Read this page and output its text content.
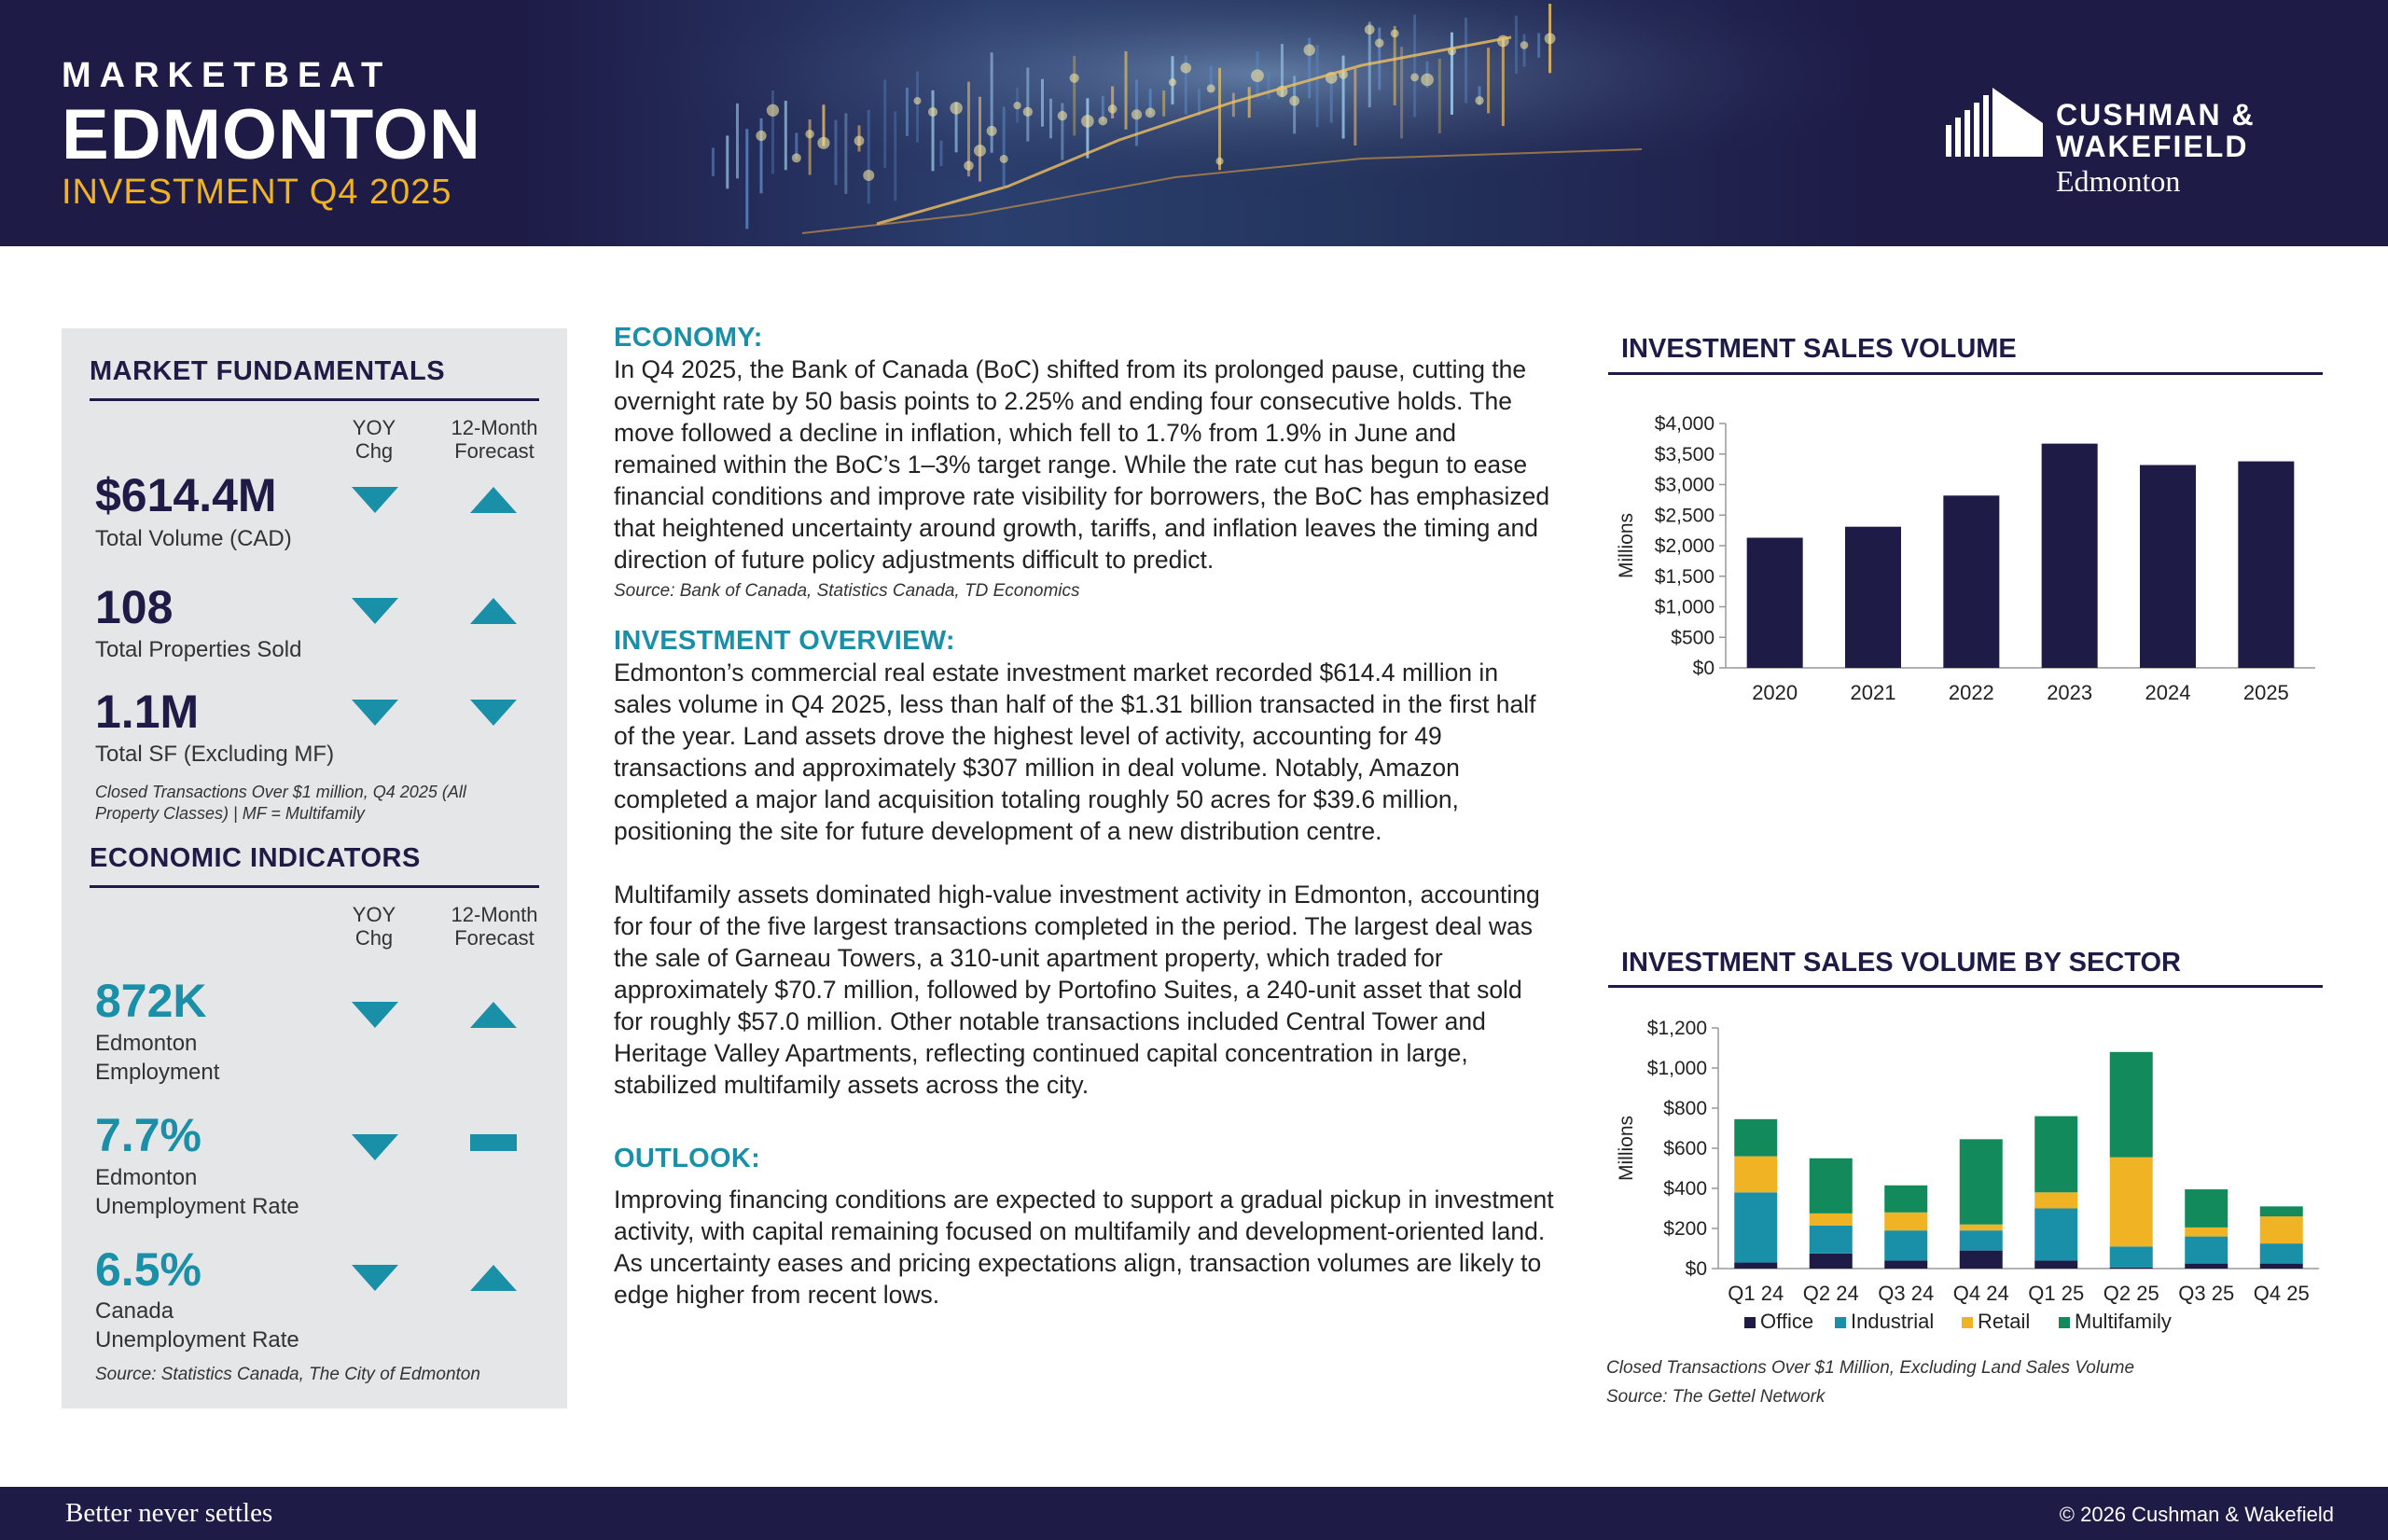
MARKETBEAT
EDMONTON
INVESTMENT Q4 2025
CUSHMAN &
WAKEFIELD
Edmonton
MARKET FUNDAMENTALS
YOY
Chg
12-Month
Forecast
$614.4M
Total Volume (CAD)
108
Total Properties Sold
1.1M
Total SF (Excluding MF)
Closed Transactions Over $1 million, Q4 2025 (All
Property Classes) | MF = Multifamily
ECONOMIC INDICATORS
YOY
Chg
12-Month
Forecast
872K
Edmonton
Employment
7.7%
Edmonton
Unemployment Rate
6.5%
Canada
Unemployment Rate
Source: Statistics Canada, The City of Edmonton
ECONOMY:
In Q4 2025, the Bank of Canada (BoC) shifted from its prolonged pause, cutting the overnight rate by 50 basis points to 2.25% and ending four consecutive holds. The move followed a decline in inflation, which fell to 1.7% from 1.9% in June and remained within the BoC’s 1–3% target range. While the rate cut has begun to ease financial conditions and improve rate visibility for borrowers, the BoC has emphasized that heightened uncertainty around growth, tariffs, and inflation leaves the timing and direction of future policy adjustments difficult to predict.
Source: Bank of Canada, Statistics Canada, TD Economics
INVESTMENT OVERVIEW:
Edmonton’s commercial real estate investment market recorded $614.4 million in sales volume in Q4 2025, less than half of the $1.31 billion transacted in the first half of the year. Land assets drove the highest level of activity, accounting for 49 transactions and approximately $307 million in deal volume. Notably, Amazon completed a major land acquisition totaling roughly 50 acres for $39.6 million, positioning the site for future development of a new distribution centre.
Multifamily assets dominated high-value investment activity in Edmonton, accounting for four of the five largest transactions completed in the period. The largest deal was the sale of Garneau Towers, a 310-unit apartment property, which traded for approximately $70.7 million, followed by Portofino Suites, a 240-unit asset that sold for roughly $57.0 million. Other notable transactions included Central Tower and Heritage Valley Apartments, reflecting continued capital concentration in large, stabilized multifamily assets across the city.
OUTLOOK:
Improving financing conditions are expected to support a gradual pickup in investment activity, with capital remaining focused on multifamily and development-oriented land. As uncertainty eases and pricing expectations align, transaction volumes are likely to edge higher from recent lows.
INVESTMENT SALES VOLUME
$0
$500
$1,000
$1,500
$2,000
$2,500
$3,000
$3,500
$4,000
2020	2021	2022	2023	2024	2025
Millions
INVESTMENT SALES VOLUME BY SECTOR
$0
$200
$400
$600
$800
$1,000
$1,200
Q1 24 Q2 24 Q3 24 Q4 24 Q1 25 Q2 25 Q3 25 Q4 25
Millions
Office Industrial Retail Multifamily
Closed Transactions Over $1 Million, Excluding Land Sales Volume
Source: The Gettel Network
Better never settles	© 2026 Cushman & Wakefield
